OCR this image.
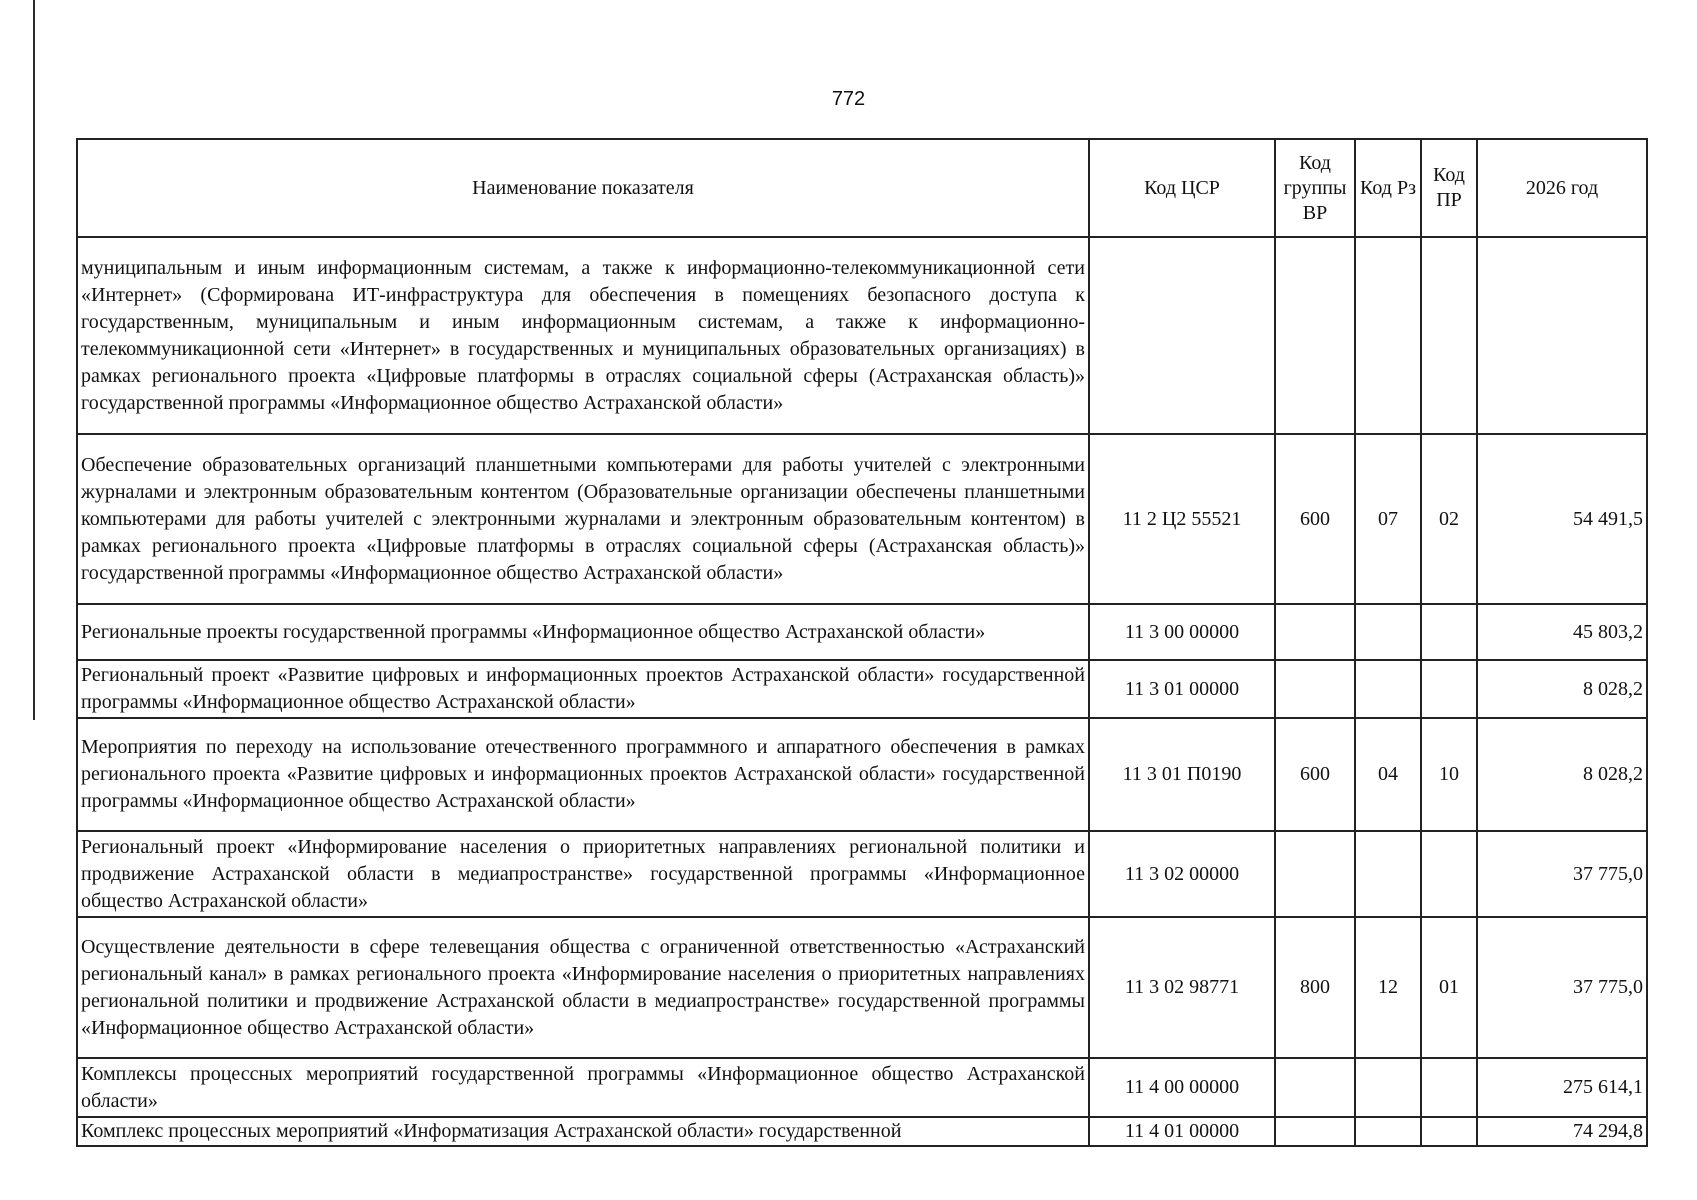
772
Наименование показателя	Код ЦСР	Код группы ВР	Код Рз	Код ПР	2026 год
муниципальным и иным информационным системам, а также к информационно-телекоммуникационной сети «Интернет» (Сформирована ИТ-инфраструктура для обеспечения в помещениях безопасного доступа к государственным, муниципальным и иным информационным системам, а также к информационно-телекоммуникационной сети «Интернет» в государственных и муниципальных образовательных организациях) в рамках регионального проекта «Цифровые платформы в отраслях социальной сферы (Астраханская область)» государственной программы «Информационное общество Астраханской области»					
Обеспечение образовательных организаций планшетными компьютерами для работы учителей с электронными журналами и электронным образовательным контентом (Образовательные организации обеспечены планшетными компьютерами для работы учителей с электронными журналами и электронным образовательным контентом) в рамках регионального проекта «Цифровые платформы в отраслях социальной сферы (Астраханская область)» государственной программы «Информационное общество Астраханской области»	11 2 Ц2 55521	600	07	02	54 491,5
Региональные проекты государственной программы «Информационное общество Астраханской области»	11 3 00 00000				45 803,2
Региональный проект «Развитие цифровых и информационных проектов Астраханской области» государственной программы «Информационное общество Астраханской области»	11 3 01 00000				8 028,2
Мероприятия по переходу на использование отечественного программного и аппаратного обеспечения в рамках регионального проекта «Развитие цифровых и информационных проектов Астраханской области» государственной программы «Информационное общество Астраханской области»	11 3 01 П0190	600	04	10	8 028,2
Региональный проект «Информирование населения о приоритетных направлениях региональной политики и продвижение Астраханской области в медиапространстве» государственной программы «Информационное общество Астраханской области»	11 3 02 00000				37 775,0
Осуществление деятельности в сфере телевещания общества с ограниченной ответственностью «Астраханский региональный канал» в рамках регионального проекта «Информирование населения о приоритетных направлениях региональной политики и продвижение Астраханской области в медиапространстве» государственной программы «Информационное общество Астраханской области»	11 3 02 98771	800	12	01	37 775,0
Комплексы процессных мероприятий государственной программы «Информационное общество Астраханской области»	11 4 00 00000				275 614,1
Комплекс процессных мероприятий «Информатизация Астраханской области» государственной	11 4 01 00000				74 294,8
